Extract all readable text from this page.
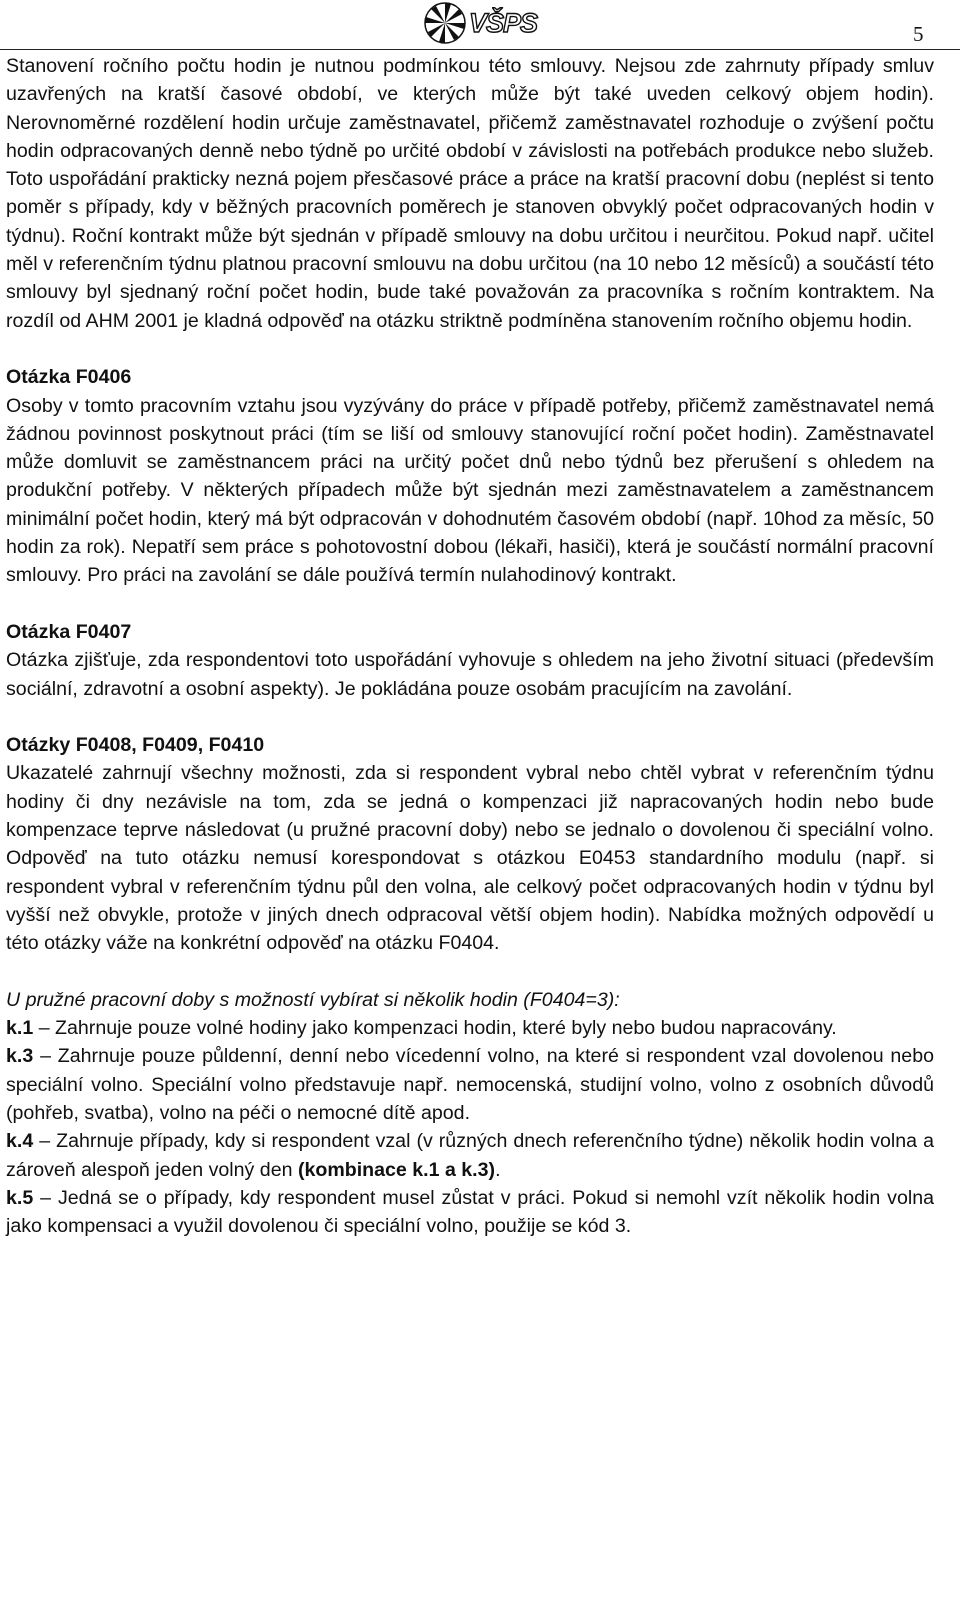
VŠPS	5

Stanovení ročního počtu hodin je nutnou podmínkou této smlouvy. Nejsou zde zahrnuty případy smluv uzavřených na kratší časové období, ve kterých může být také uveden celkový objem hodin). Nerovnoměrné rozdělení hodin určuje zaměstnavatel, přičemž zaměstnavatel rozhoduje o zvýšení počtu hodin odpracovaných denně nebo týdně po určité období v závislosti na potřebách produkce nebo služeb. Toto uspořádání prakticky nezná pojem přesčasové práce a práce na kratší pracovní dobu (neplést si tento poměr s případy, kdy v běžných pracovních poměrech je stanoven obvyklý počet odpracovaných hodin v týdnu). Roční kontrakt může být sjednán v případě smlouvy na dobu určitou i neurčitou. Pokud např. učitel měl v referenčním týdnu platnou pracovní smlouvu na dobu určitou (na 10 nebo 12 měsíců) a součástí této smlouvy byl sjednaný roční počet hodin, bude také považován za pracovníka s ročním kontraktem. Na rozdíl od AHM 2001 je kladná odpověď na otázku striktně podmíněna stanovením ročního objemu hodin.

Otázka F0406

Osoby v tomto pracovním vztahu jsou vyzývány do práce v případě potřeby, přičemž zaměstnavatel nemá žádnou povinnost poskytnout práci (tím se liší od smlouvy stanovující roční počet hodin). Zaměstnavatel může domluvit se zaměstnancem práci na určitý počet dnů nebo týdnů bez přerušení s ohledem na produkční potřeby. V některých případech může být sjednán mezi zaměstnavatelem a zaměstnancem minimální počet hodin, který má být odpracován v dohodnutém časovém období (např. 10hod za měsíc, 50 hodin za rok). Nepatří sem práce s pohotovostní dobou (lékaři, hasiči), která je součástí normální pracovní smlouvy. Pro práci na zavolání se dále používá termín nulahodinový kontrakt.

Otázka F0407

Otázka zjišťuje, zda respondentovi toto uspořádání vyhovuje s ohledem na jeho životní situaci (především sociální, zdravotní a osobní aspekty). Je pokládána pouze osobám pracujícím na zavolání.

Otázky F0408, F0409, F0410

Ukazatelé zahrnují všechny možnosti, zda si respondent vybral nebo chtěl vybrat v referenčním týdnu hodiny či dny nezávisle na tom, zda se jedná o kompenzaci již napracovaných hodin nebo bude kompenzace teprve následovat (u pružné pracovní doby) nebo se jednalo o dovolenou či speciální volno. Odpověď na tuto otázku nemusí korespondovat s otázkou E0453 standardního modulu (např. si respondent vybral v referenčním týdnu půl den volna, ale celkový počet odpracovaných hodin v týdnu byl vyšší než obvykle, protože v jiných dnech odpracoval větší objem hodin). Nabídka možných odpovědí u této otázky váže na konkrétní odpověď na otázku F0404.

U pružné pracovní doby s možností vybírat si několik hodin (F0404=3):

k.1 – Zahrnuje pouze volné hodiny jako kompenzaci hodin, které byly nebo budou napracovány.

k.3 – Zahrnuje pouze půldenní, denní nebo vícedenní volno, na které si respondent vzal dovolenou nebo speciální volno. Speciální volno představuje např. nemocenská, studijní volno, volno z osobních důvodů (pohřeb, svatba), volno na péči o nemocné dítě apod.

k.4 – Zahrnuje případy, kdy si respondent vzal (v různých dnech referenčního týdne) několik hodin volna a zároveň alespoň jeden volný den (kombinace k.1 a k.3).

k.5 – Jedná se o případy, kdy respondent musel zůstat v práci. Pokud si nemohl vzít několik hodin volna jako kompensaci a využil dovolenou či speciální volno, použije se kód 3.
